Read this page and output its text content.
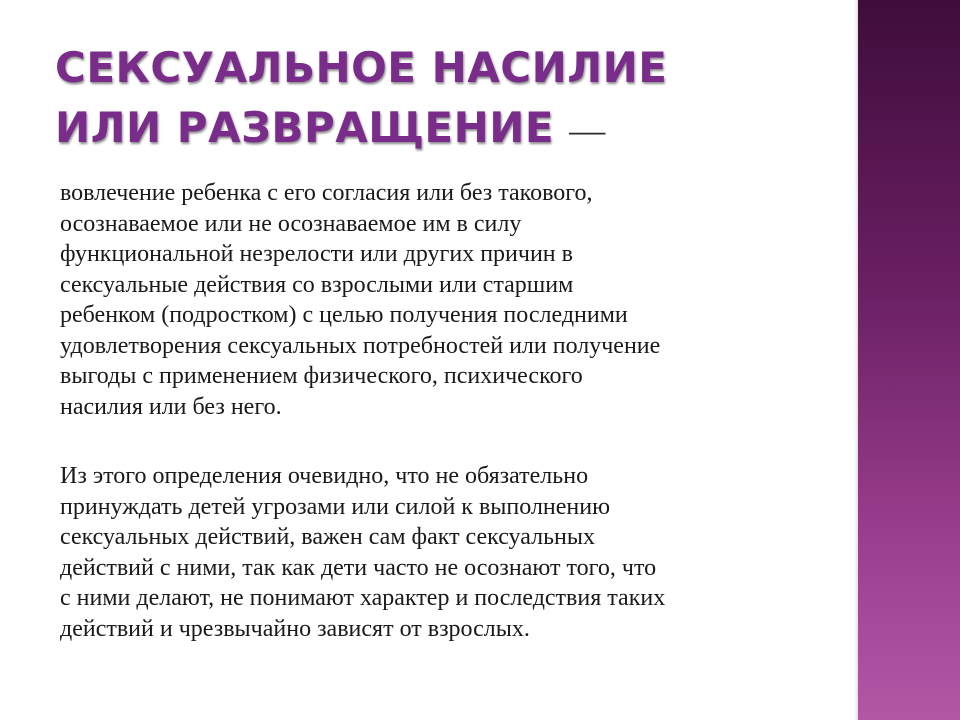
СЕКСУАЛЬНОЕ НАСИЛИЕ
ИЛИ РАЗВРАЩЕНИЕ —

вовлечение ребенка с его согласия или без такового,
осознаваемое или не осознаваемое им в силу
функциональной незрелости или других причин в
сексуальные действия со взрослыми или старшим
ребенком (подростком) с целью получения последними
удовлетворения сексуальных потребностей или получение
выгоды с применением физического, психического
насилия или без него.

Из этого определения очевидно, что не обязательно
принуждать детей угрозами или силой к выполнению
сексуальных действий, важен сам факт сексуальных
действий с ними, так как дети часто не осознают того, что
с ними делают, не понимают характер и последствия таких
действий и чрезвычайно зависят от взрослых.
